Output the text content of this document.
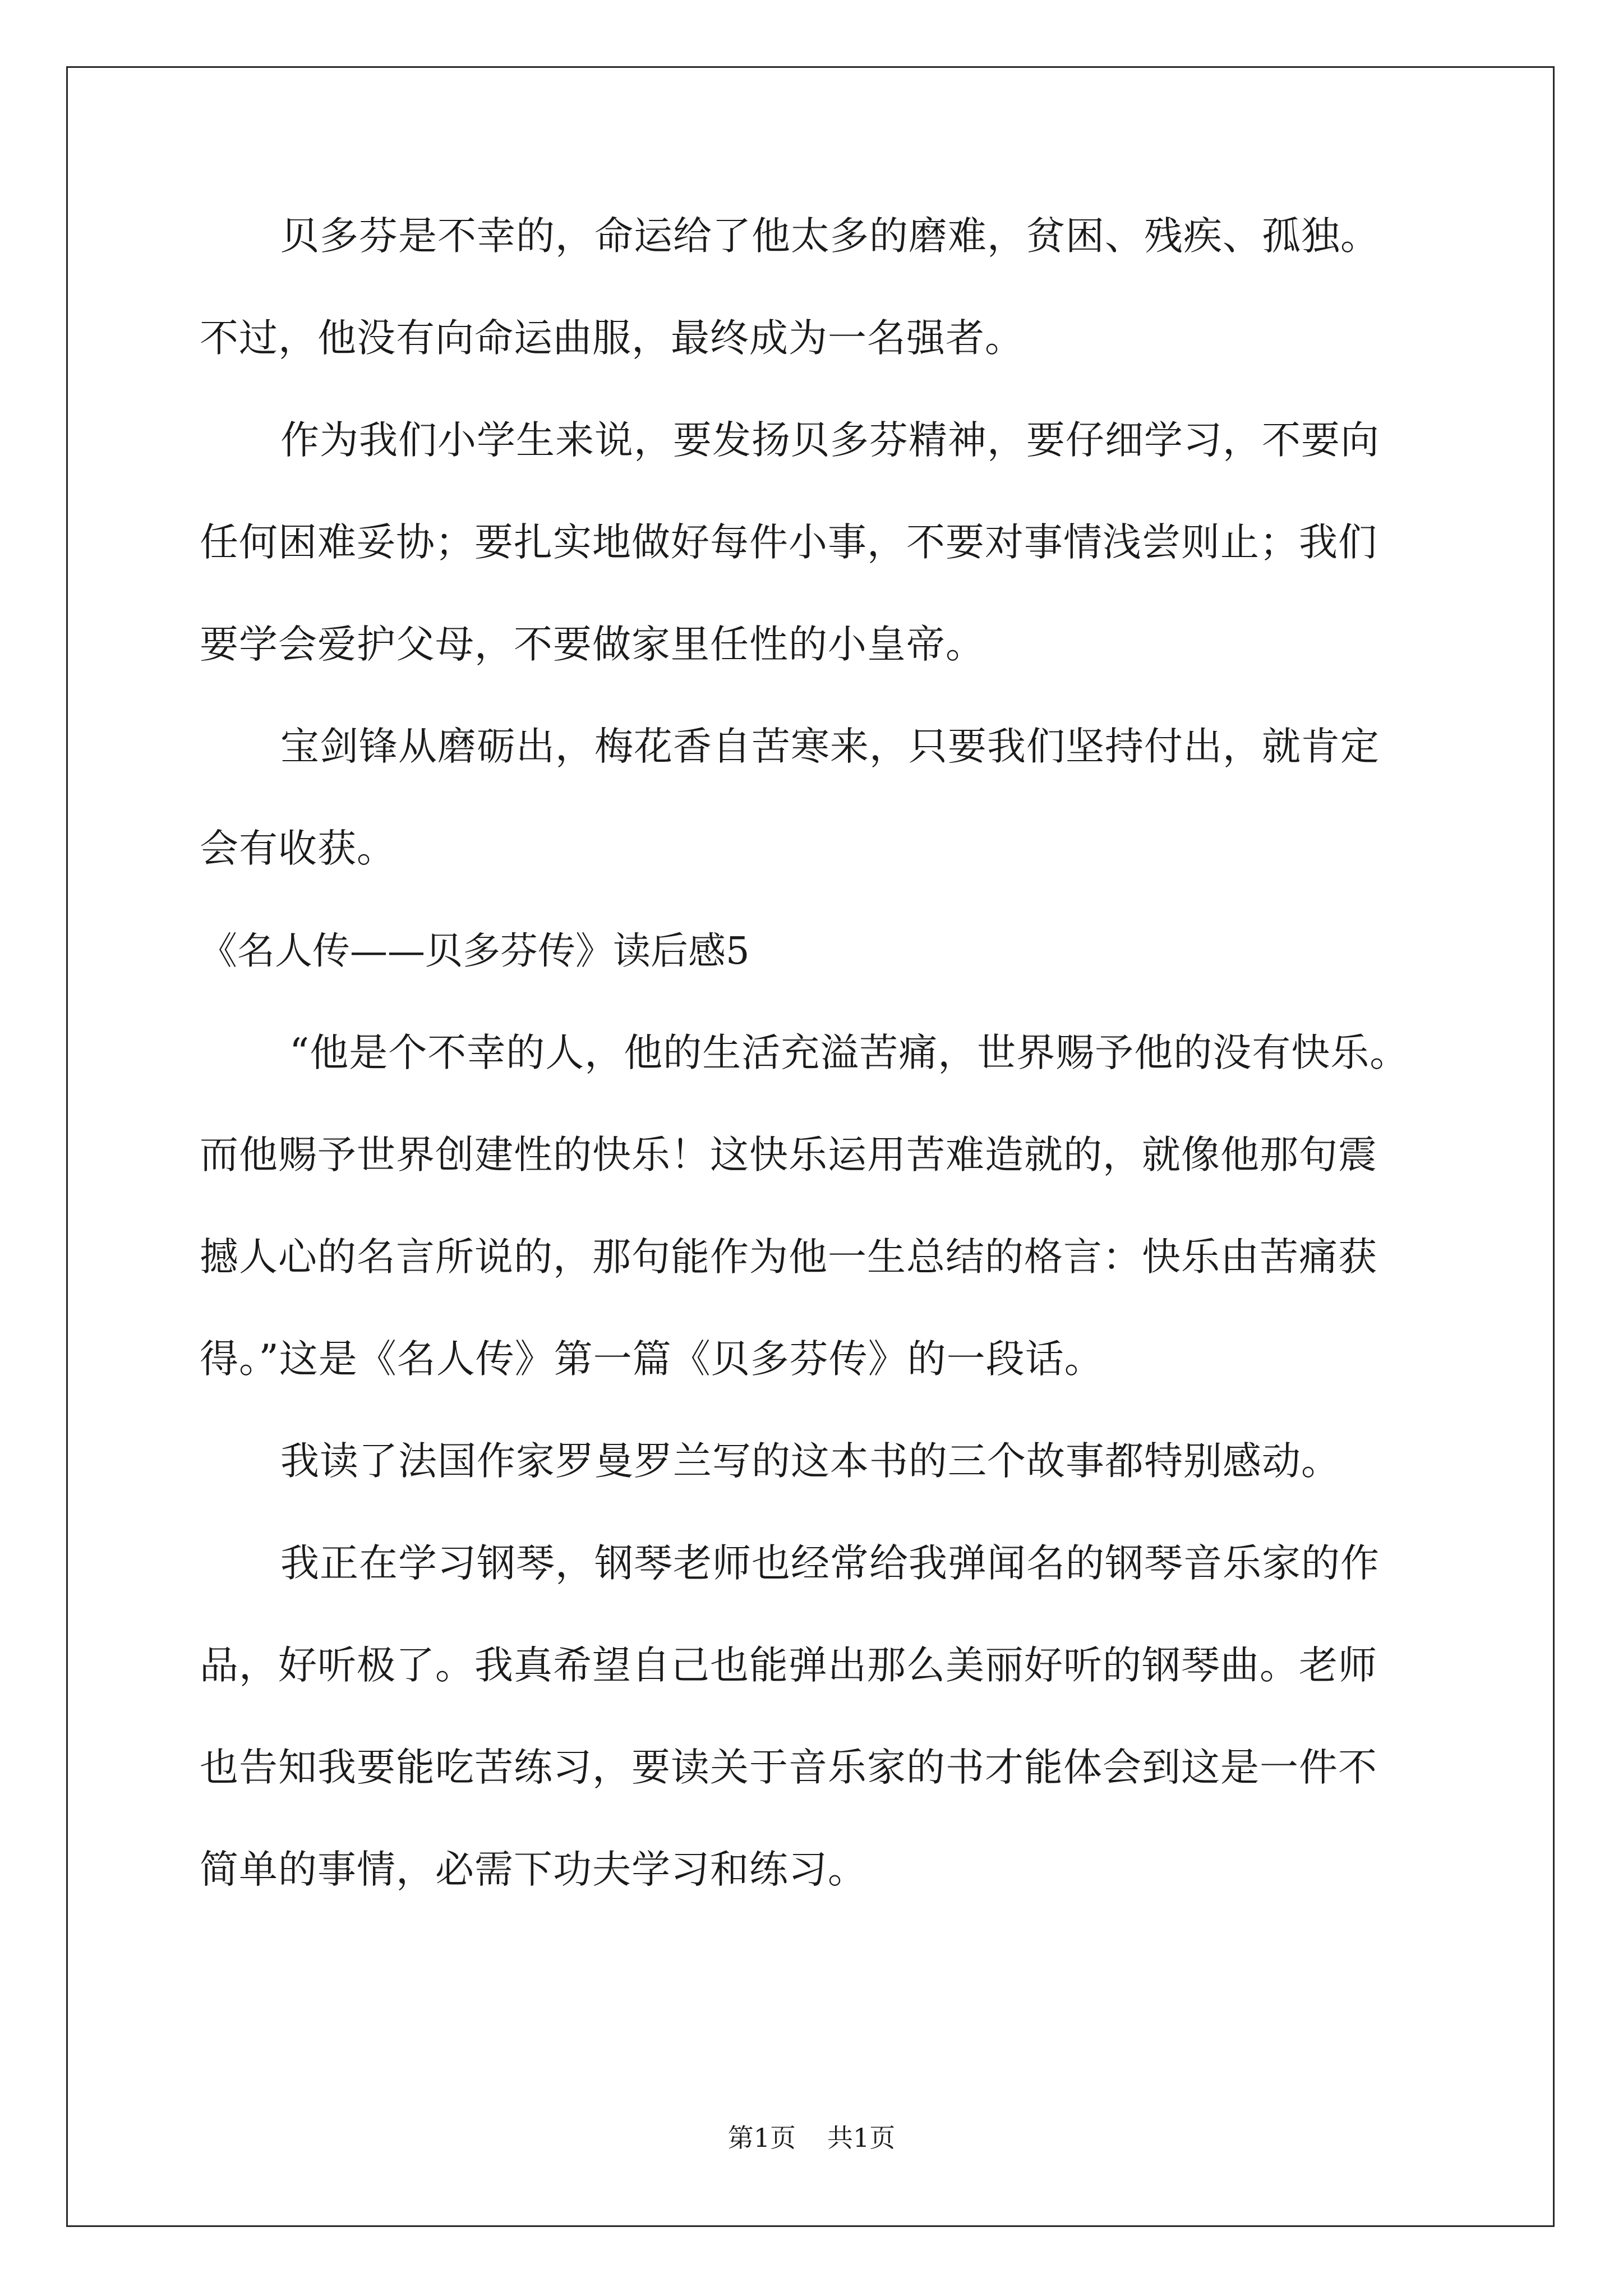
贝多芬是不幸的，命运给了他太多的磨难，贫困、残疾、孤独。
不过，他没有向命运曲服，最终成为一名强者。
作为我们小学生来说，要发扬贝多芬精神，要仔细学习，不要向
任何困难妥协；要扎实地做好每件小事，不要对事情浅尝则止；我们
要学会爱护父母，不要做家里任性的小皇帝。
宝剑锋从磨砺出，梅花香自苦寒来，只要我们坚持付出，就肯定
会有收获。
《名人传——贝多芬传》读后感5
“他是个不幸的人，他的生活充溢苦痛，世界赐予他的没有快乐。
而他赐予世界创建性的快乐！这快乐运用苦难造就的，就像他那句震
撼人心的名言所说的，那句能作为他一生总结的格言：快乐由苦痛获
得。”这是《名人传》第一篇《贝多芬传》的一段话。
我读了法国作家罗曼罗兰写的这本书的三个故事都特别感动。
我正在学习钢琴，钢琴老师也经常给我弹闻名的钢琴音乐家的作
品，好听极了。我真希望自己也能弹出那么美丽好听的钢琴曲。老师
也告知我要能吃苦练习，要读关于音乐家的书才能体会到这是一件不
简单的事情，必需下功夫学习和练习。
第1页 共1页
